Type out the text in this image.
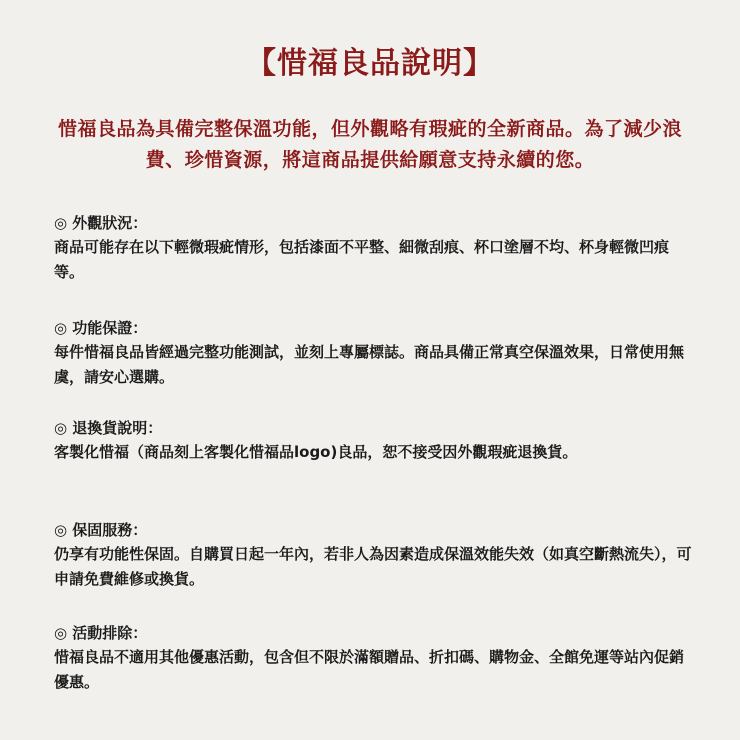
【惜福良品說明】
惜福良品為具備完整保溫功能，但外觀略有瑕疵的全新商品。為了減少浪費、珍惜資源，將這商品提供給願意支持永續的您。
◎ 外觀狀況：
商品可能存在以下輕微瑕疵情形，包括漆面不平整、細微刮痕、杯口塗層不均、杯身輕微凹痕等。
◎ 功能保證：
每件惜福良品皆經過完整功能測試，並刻上專屬標誌。商品具備正常真空保溫效果，日常使用無虞，請安心選購。
◎ 退換貨說明：
客製化惜福（商品刻上客製化惜福品logo)良品，恕不接受因外觀瑕疵退換貨。
◎ 保固服務：
仍享有功能性保固。自購買日起一年內，若非人為因素造成保溫效能失效（如真空斷熱流失），可申請免費維修或換貨。
◎ 活動排除：
惜福良品不適用其他優惠活動，包含但不限於滿額贈品、折扣碼、購物金、全館免運等站內促銷優惠。
